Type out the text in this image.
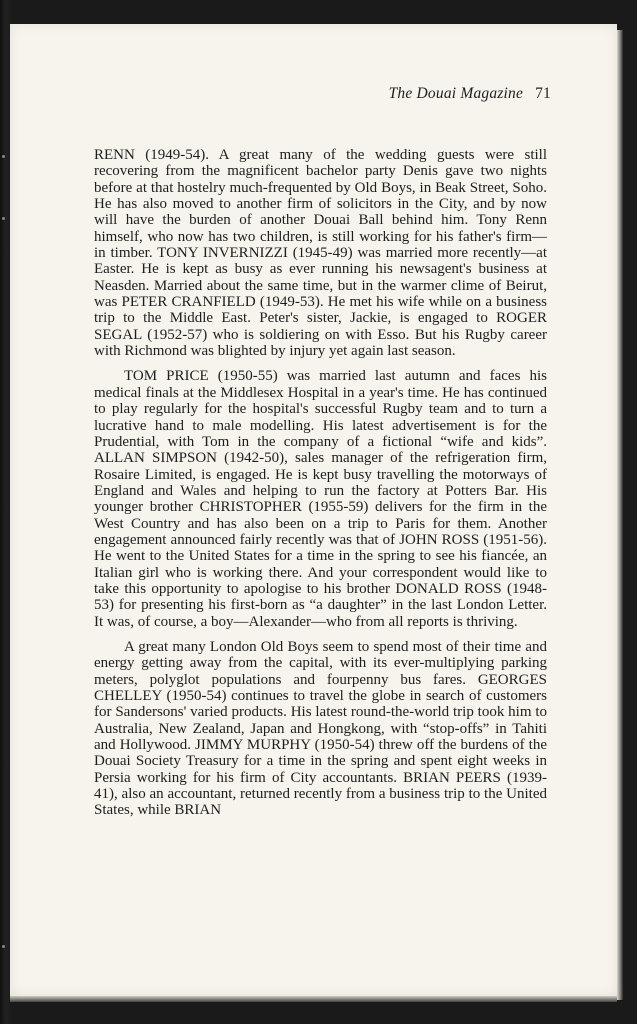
The Douai Magazine 71

RENN (1949-54). A great many of the wedding guests were still recovering from the magnificent bachelor party Denis gave two nights before at that hostelry much-frequented by Old Boys, in Beak Street, Soho. He has also moved to another firm of solicitors in the City, and by now will have the burden of another Douai Ball behind him. Tony Renn himself, who now has two children, is still working for his father's firm—in timber. TONY INVERNIZZI (1945-49) was married more recently—at Easter. He is kept as busy as ever running his newsagent's business at Neasden. Married about the same time, but in the warmer clime of Beirut, was PETER CRANFIELD (1949-53). He met his wife while on a business trip to the Middle East. Peter's sister, Jackie, is engaged to ROGER SEGAL (1952-57) who is soldiering on with Esso. But his Rugby career with Richmond was blighted by injury yet again last season.

TOM PRICE (1950-55) was married last autumn and faces his medical finals at the Middlesex Hospital in a year's time. He has continued to play regularly for the hospital's successful Rugby team and to turn a lucrative hand to male modelling. His latest advertisement is for the Prudential, with Tom in the company of a fictional “wife and kids”. ALLAN SIMPSON (1942-50), sales manager of the refrigeration firm, Rosaire Limited, is engaged. He is kept busy travelling the motorways of England and Wales and helping to run the factory at Potters Bar. His younger brother CHRISTOPHER (1955-59) delivers for the firm in the West Country and has also been on a trip to Paris for them. Another engagement announced fairly recently was that of JOHN ROSS (1951-56). He went to the United States for a time in the spring to see his fiancée, an Italian girl who is working there. And your correspondent would like to take this opportunity to apologise to his brother DONALD ROSS (1948-53) for presenting his first-born as “a daughter” in the last London Letter. It was, of course, a boy—Alexander—who from all reports is thriving.

A great many London Old Boys seem to spend most of their time and energy getting away from the capital, with its ever-multiplying parking meters, polyglot populations and fourpenny bus fares. GEORGES CHELLEY (1950-54) continues to travel the globe in search of customers for Sandersons' varied products. His latest round-the-world trip took him to Australia, New Zealand, Japan and Hongkong, with “stop-offs” in Tahiti and Hollywood. JIMMY MURPHY (1950-54) threw off the burdens of the Douai Society Treasury for a time in the spring and spent eight weeks in Persia working for his firm of City accountants. BRIAN PEERS (1939-41), also an accountant, returned recently from a business trip to the United States, while BRIAN
